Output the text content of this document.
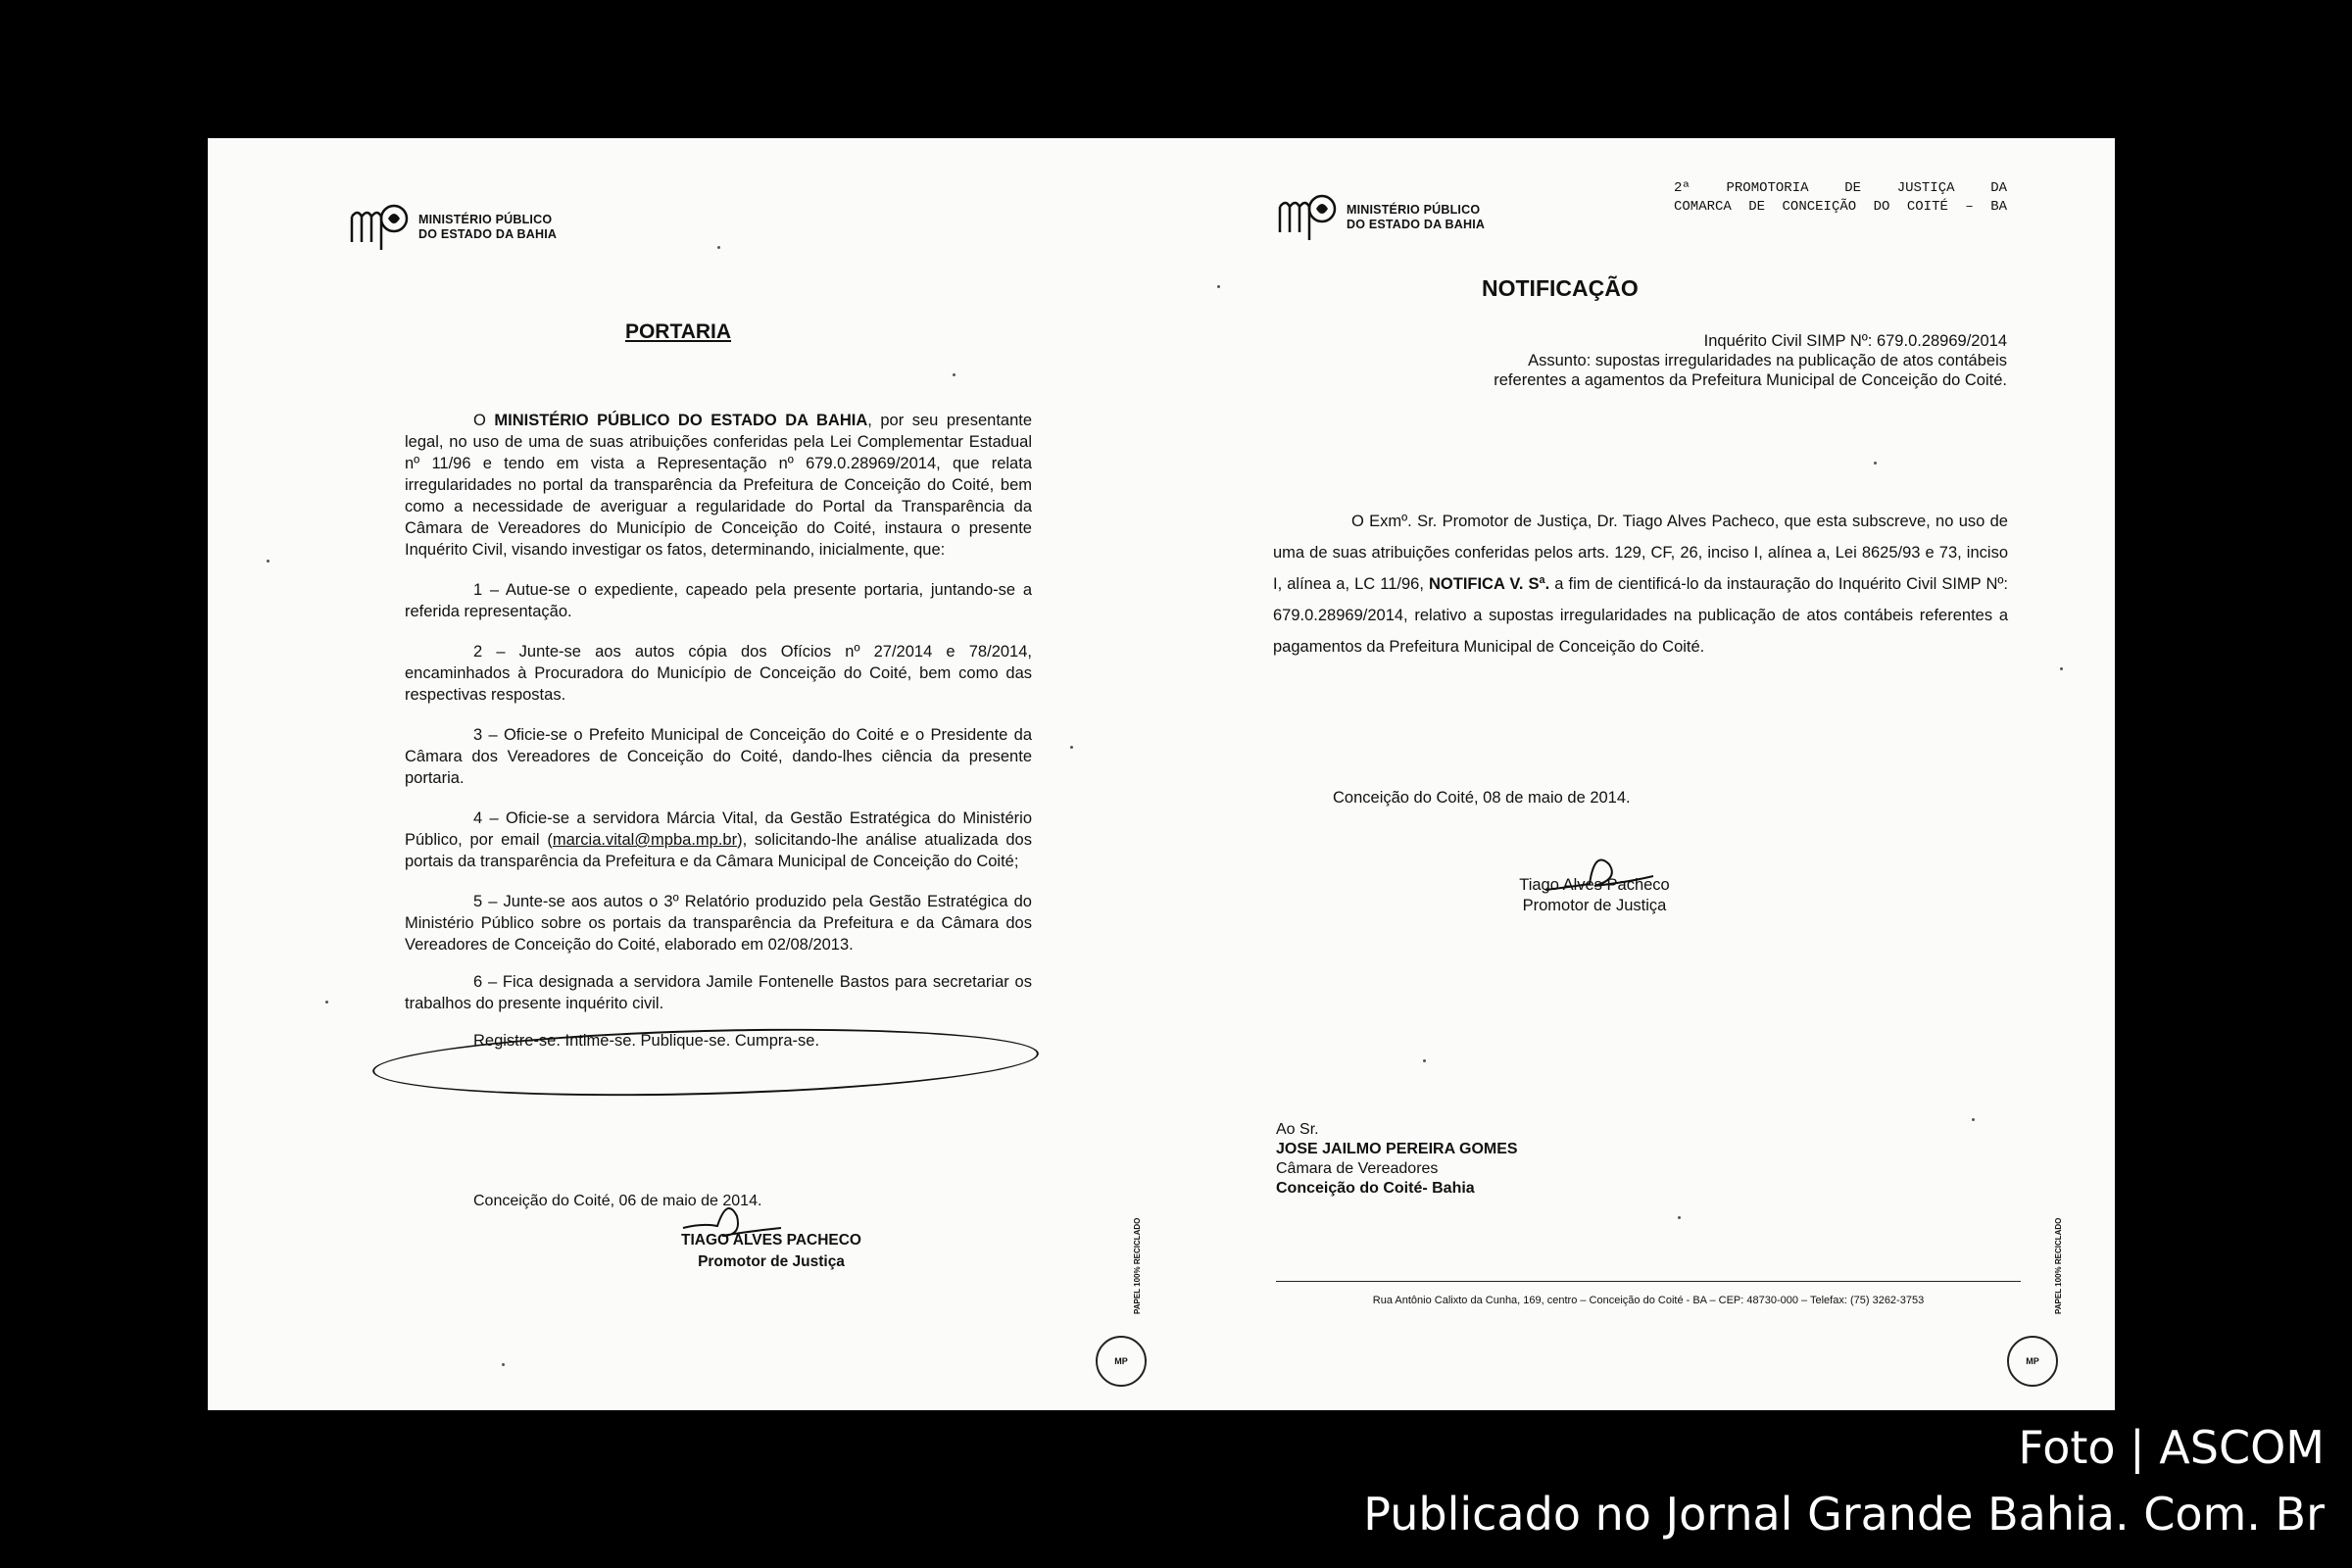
MINISTÉRIO PÚBLICO
DO ESTADO DA BAHIA
PORTARIA

O MINISTÉRIO PÚBLICO DO ESTADO DA BAHIA, por seu presentante legal, no uso de uma de suas atribuições conferidas pela Lei Complementar Estadual nº 11/96 e tendo em vista a Representação nº 679.0.28969/2014, que relata irregularidades no portal da transparência da Prefeitura de Conceição do Coité, bem como a necessidade de averiguar a regularidade do Portal da Transparência da Câmara de Vereadores do Município de Conceição do Coité, instaura o presente Inquérito Civil, visando investigar os fatos, determinando, inicialmente, que:

1 – Autue-se o expediente, capeado pela presente portaria, juntando-se a referida representação.

2 – Junte-se aos autos cópia dos Ofícios nº 27/2014 e 78/2014, encaminhados à Procuradora do Município de Conceição do Coité, bem como das respectivas respostas.

3 – Oficie-se o Prefeito Municipal de Conceição do Coité e o Presidente da Câmara dos Vereadores de Conceição do Coité, dando-lhes ciência da presente portaria.

4 – Oficie-se a servidora Márcia Vital, da Gestão Estratégica do Ministério Público, por email (marcia.vital@mpba.mp.br), solicitando-lhe análise atualizada dos portais da transparência da Prefeitura e da Câmara Municipal de Conceição do Coité;

5 – Junte-se aos autos o 3º Relatório produzido pela Gestão Estratégica do Ministério Público sobre os portais da transparência da Prefeitura e da Câmara dos Vereadores de Conceição do Coité, elaborado em 02/08/2013.

6 – Fica designada a servidora Jamile Fontenelle Bastos para secretariar os trabalhos do presente inquérito civil.

Registre-se. Intime-se. Publique-se. Cumpra-se.

Conceição do Coité, 06 de maio de 2014.
TIAGO ALVES PACHECO
Promotor de Justiça
MP
PAPEL 100% RECICLADO
MINISTÉRIO PÚBLICO
DO ESTADO DA BAHIA
2ª PROMOTORIA DE JUSTIÇA DA
COMARCA DE CONCEIÇÃO DO COITÉ – BA
NOTIFICAÇÃO
Inquérito Civil SIMP Nº: 679.0.28969/2014
Assunto: supostas irregularidades na publicação de atos contábeis
referentes a agamentos da Prefeitura Municipal de Conceição do Coité.

O Exmº. Sr. Promotor de Justiça, Dr. Tiago Alves Pacheco, que esta subscreve, no uso de uma de suas atribuições conferidas pelos arts. 129, CF, 26, inciso I, alínea a, Lei 8625/93 e 73, inciso I, alínea a, LC 11/96, NOTIFICA V. Sª. a fim de cientificá-lo da instauração do Inquérito Civil SIMP Nº: 679.0.28969/2014, relativo a supostas irregularidades na publicação de atos contábeis referentes a pagamentos da Prefeitura Municipal de Conceição do Coité.

Conceição do Coité, 08 de maio de 2014.
Tiago Alves Pacheco
Promotor de Justiça
Ao Sr.
JOSE JAILMO PEREIRA GOMES
Câmara de Vereadores
Conceição do Coité- Bahia
Rua Antônio Calixto da Cunha, 169, centro – Conceição do Coité - BA – CEP: 48730-000 – Telefax: (75) 3262-3753
MP
PAPEL 100% RECICLADO
Foto | ASCOM
Publicado no Jornal Grande Bahia. Com. Br
